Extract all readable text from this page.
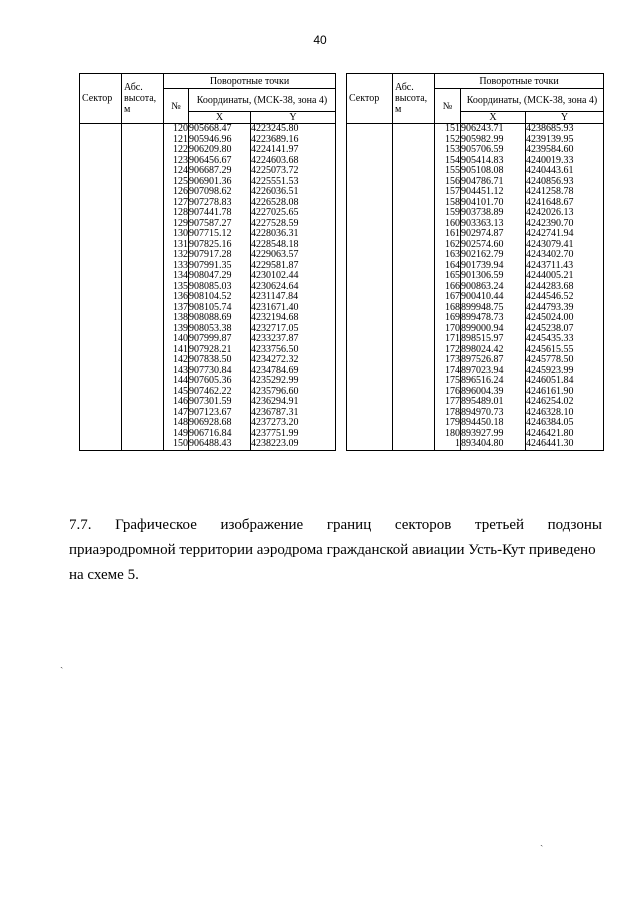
40
Сектор	Абс. высота, м	Поворотные точки		
		№	Координаты, (МСК-38, зона 4)	
			X	Y
		120	905668.47	4223245.80
		121	905946.96	4223689.16
		122	906209.80	4224141.97
		123	906456.67	4224603.68
		124	906687.29	4225073.72
		125	906901.36	4225551.53
		126	907098.62	4226036.51
		127	907278.83	4226528.08
		128	907441.78	4227025.65
		129	907587.27	4227528.59
		130	907715.12	4228036.31
		131	907825.16	4228548.18
		132	907917.28	4229063.57
		133	907991.35	4229581.87
		134	908047.29	4230102.44
		135	908085.03	4230624.64
		136	908104.52	4231147.84
		137	908105.74	4231671.40
		138	908088.69	4232194.68
		139	908053.38	4232717.05
		140	907999.87	4233237.87
		141	907928.21	4233756.50
		142	907838.50	4234272.32
		143	907730.84	4234784.69
		144	907605.36	4235292.99
		145	907462.22	4235796.60
		146	907301.59	4236294.91
		147	907123.67	4236787.31
		148	906928.68	4237273.20
		149	906716.84	4237751.99
		150	906488.43	4238223.09
Сектор	Абс. высота, м	Поворотные точки		
		№	Координаты, (МСК-38, зона 4)	
			X	Y
		151	906243.71	4238685.93
		152	905982.99	4239139.95
		153	905706.59	4239584.60
		154	905414.83	4240019.33
		155	905108.08	4240443.61
		156	904786.71	4240856.93
		157	904451.12	4241258.78
		158	904101.70	4241648.67
		159	903738.89	4242026.13
		160	903363.13	4242390.70
		161	902974.87	4242741.94
		162	902574.60	4243079.41
		163	902162.79	4243402.70
		164	901739.94	4243711.43
		165	901306.59	4244005.21
		166	900863.24	4244283.68
		167	900410.44	4244546.52
		168	899948.75	4244793.39
		169	899478.73	4245024.00
		170	899000.94	4245238.07
		171	898515.97	4245435.33
		172	898024.42	4245615.55
		173	897526.87	4245778.50
		174	897023.94	4245923.99
		175	896516.24	4246051.84
		176	896004.39	4246161.90
		177	895489.01	4246254.02
		178	894970.73	4246328.10
		179	894450.18	4246384.05
		180	893927.99	4246421.80
		1	893404.80	4246441.30
7.7. Графическое изображение границ секторов третьей подзоны
приаэродромной территории аэродрома гражданской авиации Усть-Кут приведено
на схеме 5.
ˎ
ˏ
